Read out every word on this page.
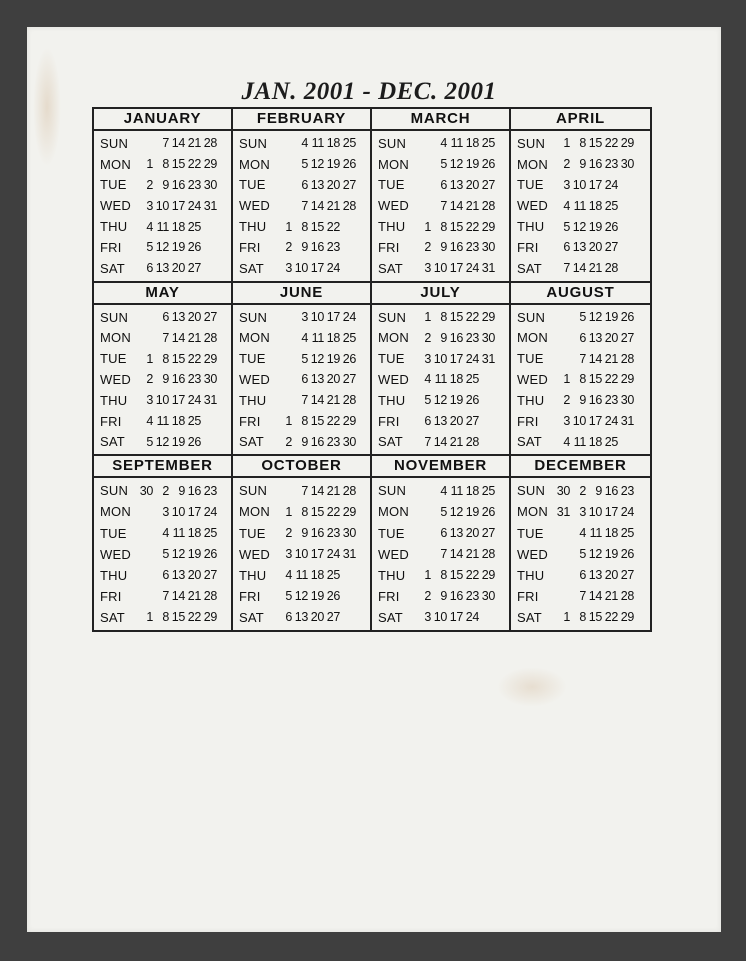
JAN. 2001 - DEC. 2001
JANUARY
SUN	7 14 21 28
MON	1 8 15 22 29
TUE	2 9 16 23 30
WED	3 10 17 24 31
THU	4 11 18 25
FRI	5 12 19 26
SAT	6 13 20 27
FEBRUARY
SUN	4 11 18 25
MON	5 12 19 26
TUE	6 13 20 27
WED	7 14 21 28
THU	1 8 15 22
FRI	2 9 16 23
SAT	3 10 17 24
MARCH
SUN	4 11 18 25
MON	5 12 19 26
TUE	6 13 20 27
WED	7 14 21 28
THU	1 8 15 22 29
FRI	2 9 16 23 30
SAT	3 10 17 24 31
APRIL
SUN	1 8 15 22 29
MON	2 9 16 23 30
TUE	3 10 17 24
WED	4 11 18 25
THU	5 12 19 26
FRI	6 13 20 27
SAT	7 14 21 28
MAY
SUN	6 13 20 27
MON	7 14 21 28
TUE	1 8 15 22 29
WED	2 9 16 23 30
THU	3 10 17 24 31
FRI	4 11 18 25
SAT	5 12 19 26
JUNE
SUN	3 10 17 24
MON	4 11 18 25
TUE	5 12 19 26
WED	6 13 20 27
THU	7 14 21 28
FRI	1 8 15 22 29
SAT	2 9 16 23 30
JULY
SUN	1 8 15 22 29
MON	2 9 16 23 30
TUE	3 10 17 24 31
WED	4 11 18 25
THU	5 12 19 26
FRI	6 13 20 27
SAT	7 14 21 28
AUGUST
SUN	5 12 19 26
MON	6 13 20 27
TUE	7 14 21 28
WED	1 8 15 22 29
THU	2 9 16 23 30
FRI	3 10 17 24 31
SAT	4 11 18 25
SEPTEMBER
SUN 30 2 9 16 23
MON	3 10 17 24
TUE	4 11 18 25
WED	5 12 19 26
THU	6 13 20 27
FRI	7 14 21 28
SAT	1 8 15 22 29
OCTOBER
SUN	7 14 21 28
MON	1 8 15 22 29
TUE	2 9 16 23 30
WED	3 10 17 24 31
THU	4 11 18 25
FRI	5 12 19 26
SAT	6 13 20 27
NOVEMBER
SUN	4 11 18 25
MON	5 12 19 26
TUE	6 13 20 27
WED	7 14 21 28
THU	1 8 15 22 29
FRI	2 9 16 23 30
SAT	3 10 17 24
DECEMBER
SUN 30 2 9 16 23
MON 31 3 10 17 24
TUE	4 11 18 25
WED	5 12 19 26
THU	6 13 20 27
FRI	7 14 21 28
SAT	1 8 15 22 29
